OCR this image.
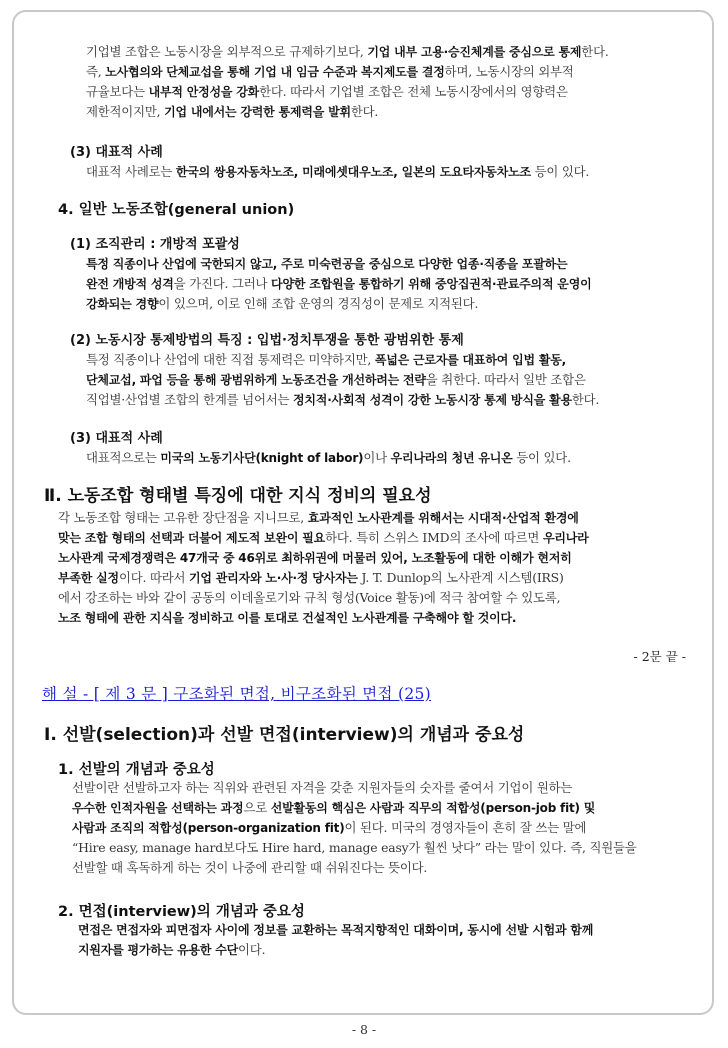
기업별 조합은 노동시장을 외부적으로 규제하기보다, 기업 내부 고용·승진체계를 중심으로 통제한다.
즉, 노사협의와 단체교섭을 통해 기업 내 임금 수준과 복지제도를 결정하며, 노동시장의 외부적
규율보다는 내부적 안정성을 강화한다. 따라서 기업별 조합은 전체 노동시장에서의 영향력은
제한적이지만, 기업 내에서는 강력한 통제력을 발휘한다.
(3) 대표적 사례
대표적 사례로는 한국의 쌍용자동차노조, 미래에셋대우노조, 일본의 도요타자동차노조 등이 있다.
4. 일반 노동조합(general union)
(1) 조직관리 : 개방적 포괄성
특정 직종이나 산업에 국한되지 않고, 주로 미숙련공을 중심으로 다양한 업종·직종을 포괄하는
완전 개방적 성격을 가진다. 그러나 다양한 조합원을 통합하기 위해 중앙집권적·관료주의적 운영이
강화되는 경향이 있으며, 이로 인해 조합 운영의 경직성이 문제로 지적된다.
(2) 노동시장 통제방법의 특징 : 입법·정치투쟁을 통한 광범위한 통제
특정 직종이나 산업에 대한 직접 통제력은 미약하지만, 폭넓은 근로자를 대표하여 입법 활동,
단체교섭, 파업 등을 통해 광범위하게 노동조건을 개선하려는 전략을 취한다. 따라서 일반 조합은
직업별·산업별 조합의 한계를 넘어서는 정치적·사회적 성격이 강한 노동시장 통제 방식을 활용한다.
(3) 대표적 사례
대표적으로는 미국의 노동기사단(knight of labor)이나 우리나라의 청년 유니온 등이 있다.
Ⅱ. 노동조합 형태별 특징에 대한 지식 정비의 필요성
각 노동조합 형태는 고유한 장단점을 지니므로, 효과적인 노사관계를 위해서는 시대적·산업적 환경에
맞는 조합 형태의 선택과 더불어 제도적 보완이 필요하다. 특히 스위스 IMD의 조사에 따르면 우리나라
노사관계 국제경쟁력은 47개국 중 46위로 최하위권에 머물러 있어, 노조활동에 대한 이해가 현저히
부족한 실정이다. 따라서 기업 관리자와 노·사·정 당사자는 J. T. Dunlop의 노사관계 시스템(IRS)
에서 강조하는 바와 같이 공동의 이데올로기와 규칙 형성(Voice 활동)에 적극 참여할 수 있도록,
노조 형태에 관한 지식을 정비하고 이를 토대로 건설적인 노사관계를 구축해야 할 것이다.
- 2문 끝 -
해 설 - [ 제 3 문 ] 구조화된 면접, 비구조화된 면접 (25)
Ⅰ. 선발(selection)과 선발 면접(interview)의 개념과 중요성
1. 선발의 개념과 중요성
선발이란 선발하고자 하는 직위와 관련된 자격을 갖춘 지원자들의 숫자를 줄여서 기업이 원하는
우수한 인적자원을 선택하는 과정으로 선발활동의 핵심은 사람과 직무의 적합성(person-job fit) 및
사람과 조직의 적합성(person-organization fit)이 된다. 미국의 경영자들이 흔히 잘 쓰는 말에
“Hire easy, manage hard보다도 Hire hard, manage easy가 훨씬 낫다” 라는 말이 있다. 즉, 직원들을
선발할 때 혹독하게 하는 것이 나중에 관리할 때 쉬워진다는 뜻이다.
2. 면접(interview)의 개념과 중요성
면접은 면접자와 피면접자 사이에 정보를 교환하는 목적지향적인 대화이며, 동시에 선발 시험과 함께
지원자를 평가하는 유용한 수단이다.
- 8 -
